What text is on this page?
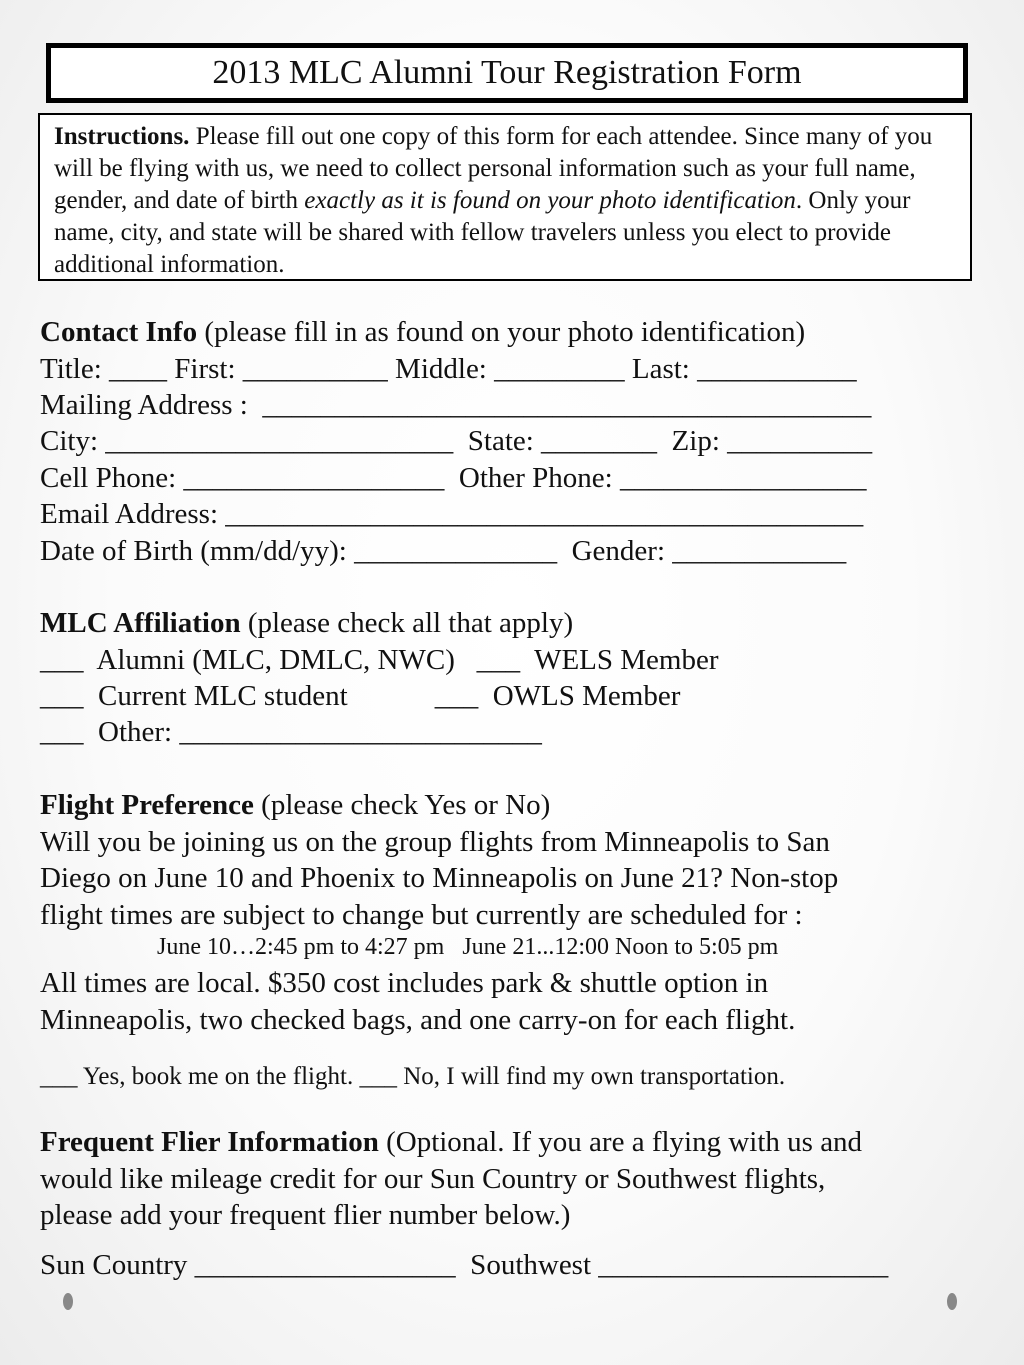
2013 MLC Alumni Tour Registration Form
Instructions. Please fill out one copy of this form for each attendee. Since many of you will be flying with us, we need to collect personal information such as your full name, gender, and date of birth exactly as it is found on your photo identification. Only your name, city, and state will be shared with fellow travelers unless you elect to provide additional information.
Contact Info (please fill in as found on your photo identification)
Title: ____ First: __________ Middle: _________ Last: ___________
Mailing Address :  __________________________________________
City: ________________________  State: ________  Zip: __________
Cell Phone: __________________  Other Phone: _________________
Email Address: ____________________________________________
Date of Birth (mm/dd/yy): ______________  Gender: ____________
MLC Affiliation (please check all that apply)
___  Alumni (MLC, DMLC, NWC)   ___  WELS Member
___  Current MLC student            ___  OWLS Member
___  Other: _________________________
Flight Preference (please check Yes or No)
Will you be joining us on the group flights from Minneapolis to San
Diego on June 10 and Phoenix to Minneapolis on June 21? Non-stop
flight times are subject to change but currently are scheduled for :
June 10…2:45 pm to 4:27 pm   June 21...12:00 Noon to 5:05 pm
All times are local. $350 cost includes park & shuttle option in
Minneapolis, two checked bags, and one carry-on for each flight.
___ Yes, book me on the flight. ___ No, I will find my own transportation.
Frequent Flier Information (Optional. If you are a flying with us and
would like mileage credit for our Sun Country or Southwest flights,
please add your frequent flier number below.)
Sun Country __________________  Southwest ____________________
